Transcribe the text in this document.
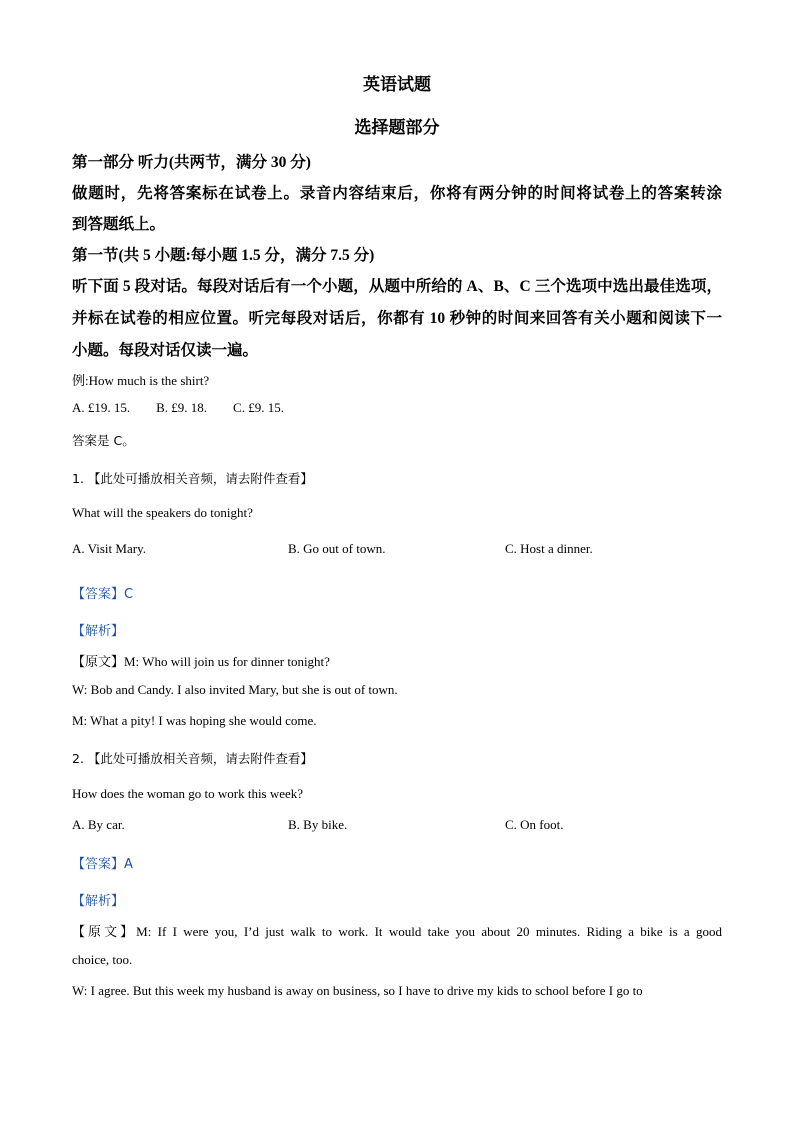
英语试题
选择题部分
第一部分 听力(共两节，满分 30 分)
做题时，先将答案标在试卷上。录音内容结束后，你将有两分钟的时间将试卷上的答案转涂
到答题纸上。
第一节(共 5 小题:每小题 1.5 分，满分 7.5 分)
听下面 5 段对话。每段对话后有一个小题，从题中所给的 A、B、C 三个选项中选出最佳选项，
并标在试卷的相应位置。听完每段对话后，你都有 10 秒钟的时间来回答有关小题和阅读下一
小题。每段对话仅读一遍。
例:How much is the shirt?
A. £19. 15.        B. £9. 18.        C. £9. 15.
答案是 C。
1. 【此处可播放相关音频，请去附件查看】
What will the speakers do tonight?
A. Visit Mary.	B. Go out of town.	C. Host a dinner.
【答案】C
【解析】
【原文】M: Who will join us for dinner tonight?
W: Bob and Candy. I also invited Mary, but she is out of town.
M: What a pity! I was hoping she would come.
2. 【此处可播放相关音频，请去附件查看】
How does the woman go to work this week?
A. By car.	B. By bike.	C. On foot.
【答案】A
【解析】
【原文】M: If I were you, I’d just walk to work. It would take you about 20 minutes. Riding a bike is a good
choice, too.
W: I agree. But this week my husband is away on business, so I have to drive my kids to school before I go to
